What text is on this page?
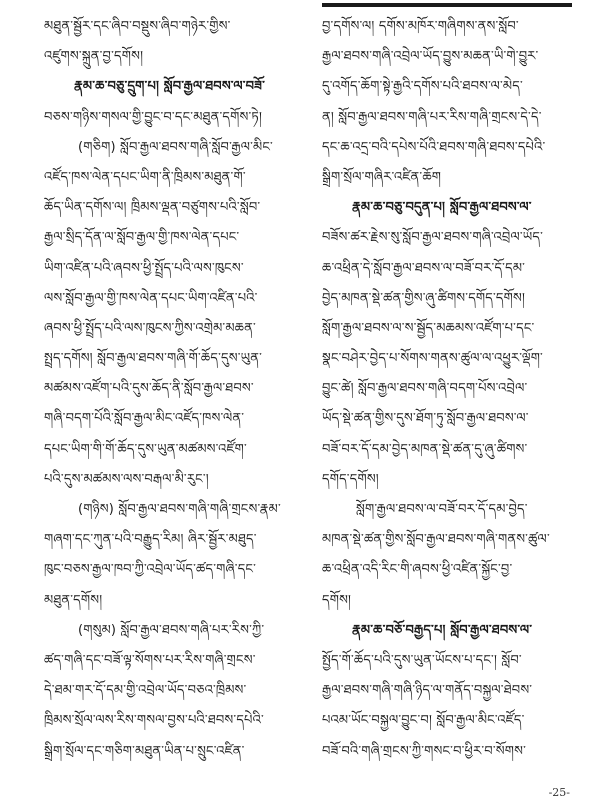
མཐུན་སྦྱོར་དང་ཞིབ་བསྡུས་ཞིབ་གཉེར་གྱིས་
འཛུགས་སྐྲུན་བྱ་དགོས།
རྣམ་ཆ་བཅུ་དྲུག་པ། སློབ་རྒྱལ་ཐབས་ལ་བཟོ་
བཅས་གཉིས་གསལ་གྱི་བྱུང་བ་དང་མཐུན་དགོས་ཏེ།
(གཅིག) སློབ་རྒྱལ་ཐབས་གཞི་སློབ་རྒྱལ་མིང་
འཛོད་ཁས་ལེན་དཔང་ཡིག་ནི་ཁྲིམས་མཐུན་གོ་
ཆོད་ཡིན་དགོས་ལ། ཁྲིམས་ལྡན་བཙུགས་པའི་སློབ་
རྒྱལ་སྲིད་དོན་ལ་སློབ་རྒྱལ་གྱི་ཁས་ལེན་དཔང་
ཡིག་འཛིན་པའི་ཞབས་ཕྱི་སྤྲོད་པའི་ལས་ཁུངས་
ལས་སློབ་རྒྱལ་གྱི་ཁས་ལེན་དཔང་ཡིག་འཛིན་པའི་
ཞབས་ཕྱི་སྤྲོད་པའི་ལས་ཁུངས་ཀྱིས་འགྲེམ་མཆན་
སྤྲད་དགོས། སློབ་རྒྱལ་ཐབས་གཞི་གོ་ཆོད་དུས་ཡུན་
མཚམས་འཛོག་པའི་དུས་ཆོད་ནི་སློབ་རྒྱལ་ཐབས་
གཞི་བདག་པོའི་སློབ་རྒྱལ་མིང་འཛོད་ཁས་ལེན་
དཔང་ཡིག་གི་གོ་ཆོད་དུས་ཡུན་མཚམས་འཛོག་
པའི་དུས་མཚམས་ལས་བརྒལ་མི་རུང་།
(གཉིས) སློབ་རྒྱལ་ཐབས་གཞི་གཞི་གྲངས་རྣམ་
གཞག་དང་ཀུན་པའི་བརྒྱུད་རིམ། ཞིར་སྦྱོར་མཐུད་
ཁུང་བཅས་རྒྱལ་ཁབ་ཀྱི་འབྲེལ་ཡོད་ཚད་གཞི་དང་
མཐུན་དགོས།
(གསུམ) སློབ་རྒྱལ་ཐབས་གཞི་པར་རིས་ཀྱི་
ཚད་གཞི་དང་བཟོ་ལྟ་སོགས་པར་རིས་གཞི་གྲངས་
དེ་ཐམ་གར་དོ་དམ་གྱི་འབྲེལ་ཡོད་བཅའ་ཁྲིམས་
ཁྲིམས་སྲོལ་ལས་རིས་གསལ་བྱས་པའི་ཐབས་དཔེའི་
སྒྲིག་སྲོལ་དང་གཅིག་མཐུན་ཡིན་པ་སྲུང་འཛིན་
བྱ་དགོས་ལ། དགོས་མཁོར་གཞིགས་ནས་སློབ་
རྒྱལ་ཐབས་གཞི་འབྲེལ་ཡོད་བྱུས་མཆན་ཡི་གེ་བྱུར་
དུ་འགོད་ཆོག་སྟེ་རྒྱའི་དགོས་པའི་ཐབས་ལ་མེད་
ན། སློབ་རྒྱལ་ཐབས་གཞི་པར་རིས་གཞི་གྲངས་དེ་དེ་
དང་ཆ་འདྲ་བའི་དཔེས་པོའི་ཐབས་གཞི་ཐབས་དཔེའི་
སྒྲིག་སྲོལ་གཞིར་འཛིན་ཆོག
རྣམ་ཆ་བཅུ་བདུན་པ། སློབ་རྒྱལ་ཐབས་ལ་
བཟོས་ཚར་རྗེས་སུ་སློབ་རྒྱལ་ཐབས་གཞི་འབྲེལ་ཡོད་
ཆ་འཕྲིན་དེ་སློབ་རྒྱལ་ཐབས་ལ་བཟོ་བར་དོ་དམ་
བྱེད་མཁན་སྡེ་ཚན་གྱིས་ཞུ་ཚིགས་དགོད་དགོས།
སློག་རྒྱལ་ཐབས་ལ་ས་སྦྱོད་མཆམས་འཛོག་པ་དང་
སྣང་བཤེར་བྱེད་པ་སོགས་གནས་ཚུལ་ལ་འཕྱུར་ལྡོག་
བྱུང་ཚེ། སློབ་རྒྱལ་ཐབས་གཞི་བདག་པོས་འབྲེལ་
ཡོད་སྡེ་ཚན་གྱིས་དུས་ཐོག་ཏུ་སློབ་རྒྱལ་ཐབས་ལ་
བཟོ་བར་དོ་དམ་བྱེད་མཁན་སྡེ་ཚན་དུ་ཞུ་ཚིགས་
དགོད་དགོས།
སློག་རྒྱལ་ཐབས་ལ་བཟོ་བར་དོ་དམ་བྱེད་
མཁན་སྡེ་ཚན་གྱིས་སློབ་རྒྱལ་ཐབས་གཞི་གནས་ཚུལ་
ཆ་འཕྲིན་འདི་རིང་གི་ཞབས་ཕྱི་འཛིན་སྐྱོང་བྱ་
དགོས།
རྣམ་ཆ་བཅོ་བརྒྱད་པ། སློབ་རྒྱལ་ཐབས་ལ་
སྤྱོད་གོ་ཆོད་པའི་དུས་ཡུན་ཡོངས་པ་དང་། སློབ་
རྒྱལ་ཐབས་གཞི་གཞི་ཉིད་ལ་གནོད་བསྐྱལ་ཐེབས་
པའམ་ཡོང་བསྐྱལ་བྱུང་བ། སློབ་རྒྱལ་མིང་འཛོད་
བཟོ་བའི་གཞི་གྲངས་ཀྱི་གསང་བ་ཕྱིར་བ་སོགས་
-25-
